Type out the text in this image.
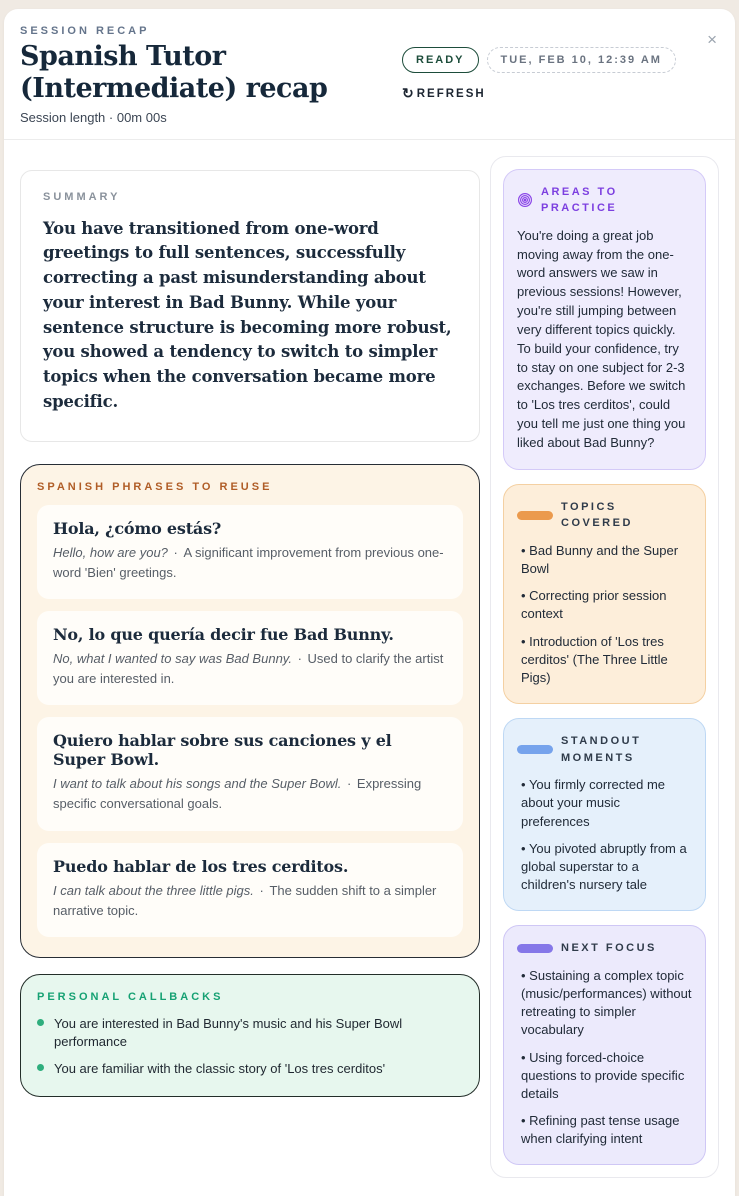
×
SESSION RECAP
Spanish Tutor (Intermediate) recap
Session length · 00m 00s
READY	TUE, FEB 10, 12:39 AM
↻ REFRESH
SUMMARY

You have transitioned from one-word greetings to full sentences, successfully correcting a past misunderstanding about your interest in Bad Bunny. While your sentence structure is becoming more robust, you showed a tendency to switch to simpler topics when the conversation became more specific.

SPANISH PHRASES TO REUSE
Hola, ¿cómo estás?
Hello, how are you? · A significant improvement from previous one-word 'Bien' greetings.
No, lo que quería decir fue Bad Bunny.
No, what I wanted to say was Bad Bunny. · Used to clarify the artist you are interested in.
Quiero hablar sobre sus canciones y el Super Bowl.
I want to talk about his songs and the Super Bowl. · Expressing specific conversational goals.
Puedo hablar de los tres cerditos.
I can talk about the three little pigs. · The sudden shift to a simpler narrative topic.
PERSONAL CALLBACKS
You are interested in Bad Bunny's music and his Super Bowl performance
You are familiar with the classic story of 'Los tres cerditos'
AREAS TO PRACTICE

You're doing a great job moving away from the one-word answers we saw in previous sessions! However, you're still jumping between very different topics quickly. To build your confidence, try to stay on one subject for 2-3 exchanges. Before we switch to 'Los tres cerditos', could you tell me just one thing you liked about Bad Bunny?

TOPICS COVERED
• Bad Bunny and the Super Bowl
• Correcting prior session context
• Introduction of 'Los tres cerditos' (The Three Little Pigs)
STANDOUT MOMENTS
• You firmly corrected me about your music preferences
• You pivoted abruptly from a global superstar to a children's nursery tale
NEXT FOCUS
• Sustaining a complex topic (music/performances) without retreating to simpler vocabulary
• Using forced-choice questions to provide specific details
• Refining past tense usage when clarifying intent
